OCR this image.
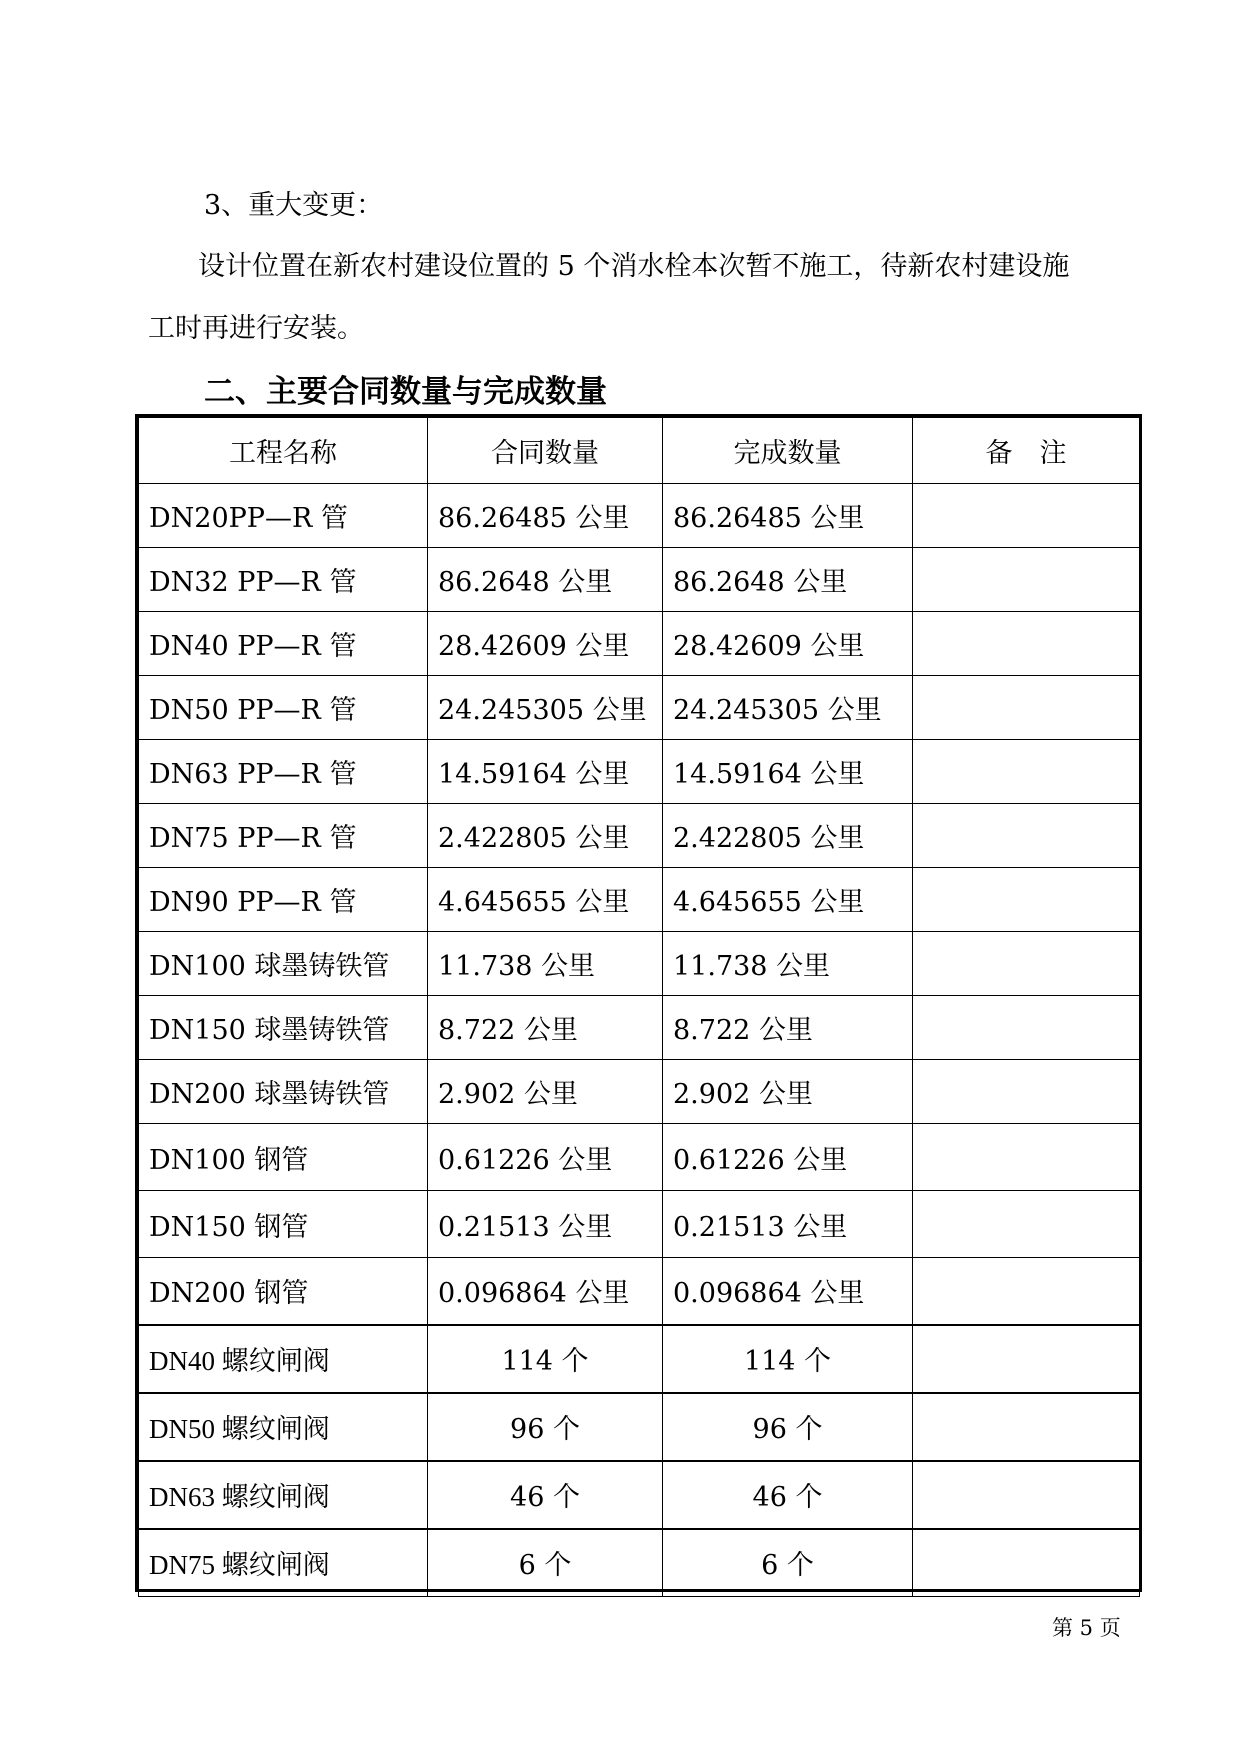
3、重大变更：
设计位置在新农村建设位置的 5 个消水栓本次暂不施工，待新农村建设施
工时再进行安装。
二、主要合同数量与完成数量
工程名称	合同数量	完成数量	备　注
DN20PP—R 管	86.26485 公里	86.26485 公里	
DN32 PP—R 管	86.2648 公里	86.2648 公里	
DN40 PP—R 管	28.42609 公里	28.42609 公里	
DN50 PP—R 管	24.245305 公里	24.245305 公里	
DN63 PP—R 管	14.59164 公里	14.59164 公里	
DN75 PP—R 管	2.422805 公里	2.422805 公里	
DN90 PP—R 管	4.645655 公里	4.645655 公里	
DN100 球墨铸铁管	11.738 公里	11.738 公里	
DN150 球墨铸铁管	8.722 公里	8.722 公里	
DN200 球墨铸铁管	2.902 公里	2.902 公里	
DN100 钢管	0.61226 公里	0.61226 公里	
DN150 钢管	0.21513 公里	0.21513 公里	
DN200 钢管	0.096864 公里	0.096864 公里	
DN40 螺纹闸阀	114 个	114 个	
DN50 螺纹闸阀	96 个	96 个	
DN63 螺纹闸阀	46 个	46 个	
DN75 螺纹闸阀	6 个	6 个	
第 5 页
